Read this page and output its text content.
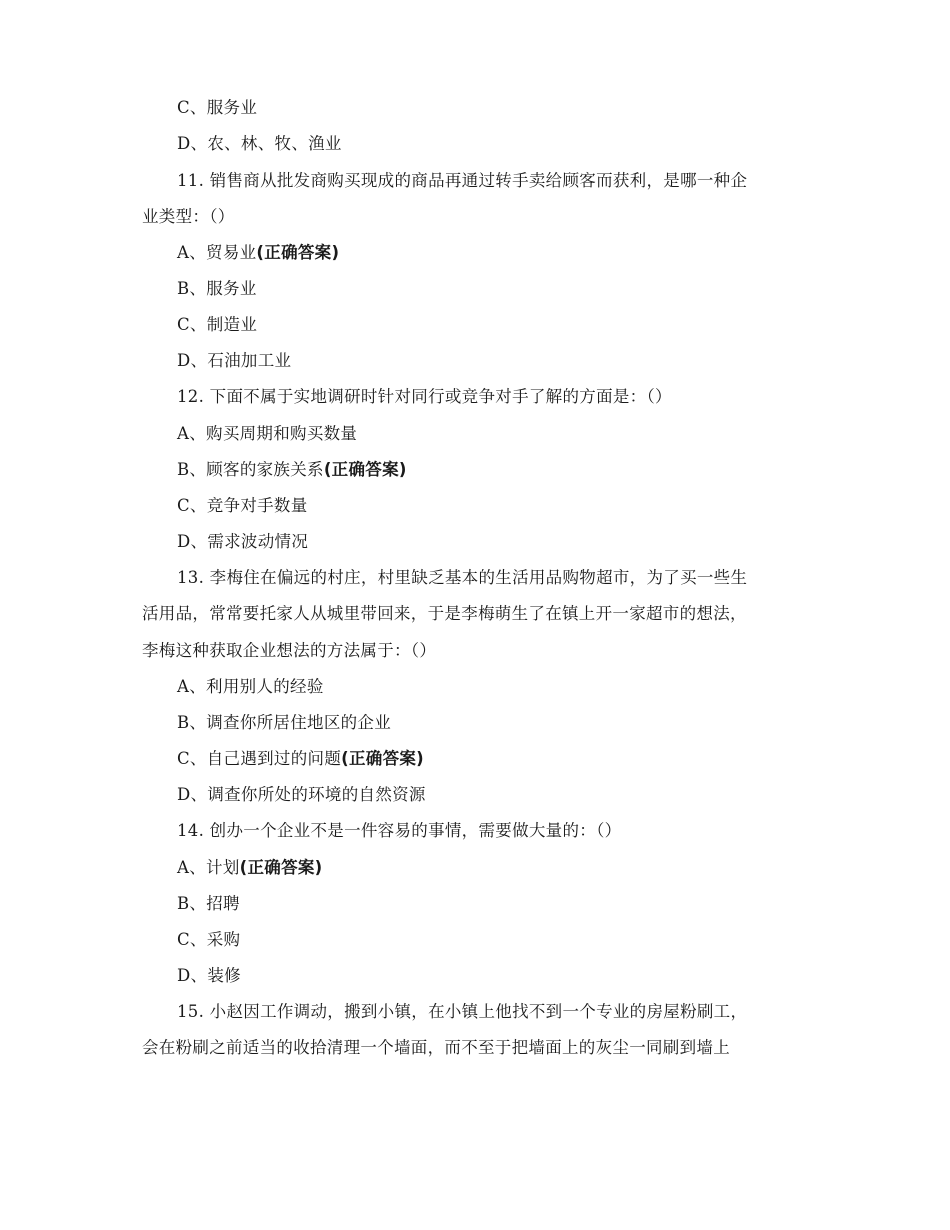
C、服务业
D、农、林、牧、渔业
11. 销售商从批发商购买现成的商品再通过转手卖给顾客而获利，是哪一种企
业类型：（）
A、贸易业(正确答案)
B、服务业
C、制造业
D、石油加工业
12. 下面不属于实地调研时针对同行或竞争对手了解的方面是：（）
A、购买周期和购买数量
B、顾客的家族关系(正确答案)
C、竞争对手数量
D、需求波动情况
13. 李梅住在偏远的村庄，村里缺乏基本的生活用品购物超市，为了买一些生
活用品，常常要托家人从城里带回来，于是李梅萌生了在镇上开一家超市的想法，
李梅这种获取企业想法的方法属于：（）
A、利用别人的经验
B、调查你所居住地区的企业
C、自己遇到过的问题(正确答案)
D、调查你所处的环境的自然资源
14. 创办一个企业不是一件容易的事情，需要做大量的：（）
A、计划(正确答案)
B、招聘
C、采购
D、装修
15. 小赵因工作调动，搬到小镇，在小镇上他找不到一个专业的房屋粉刷工，
会在粉刷之前适当的收拾清理一个墙面，而不至于把墙面上的灰尘一同刷到墙上
